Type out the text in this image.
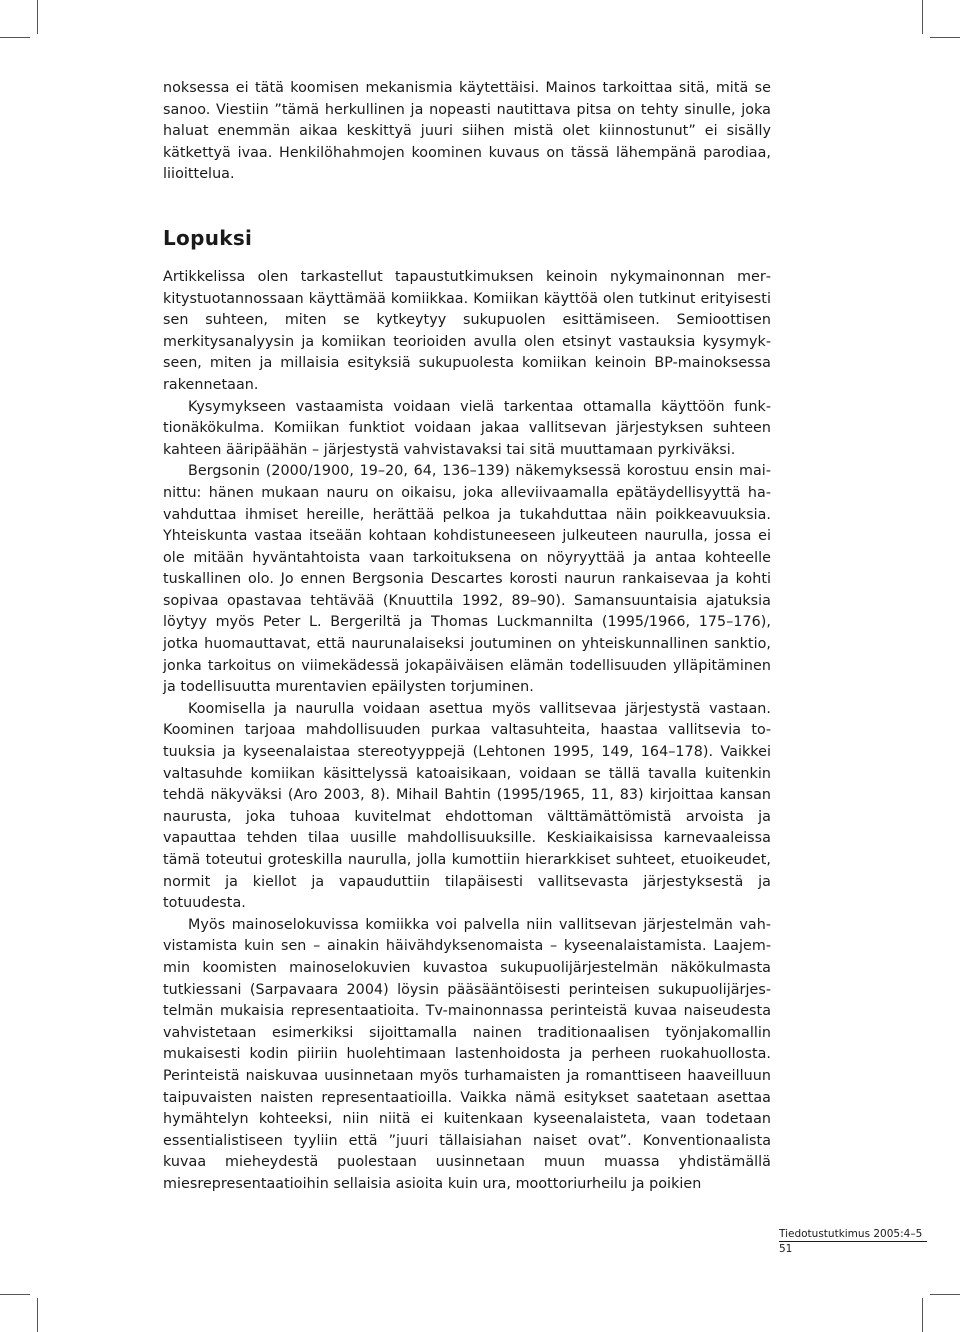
noksessa ei tätä koomisen mekanismia käytettäisi. Mainos tarkoittaa sitä, mitä se sanoo. Viestiin ”tämä herkullinen ja nopeasti nautittava pitsa on tehty sinulle, joka haluat enemmän aikaa keskittyä juuri siihen mistä olet kiinnostunut” ei sisälly kätkettyä ivaa. Henkilöhahmojen koominen kuvaus on tässä lähempänä parodiaa, liioittelua.

Lopuksi

Artikkelissa olen tarkastellut tapaustutkimuksen keinoin nykymainonnan merkitystuotannossaan käyttämää komiikkaa. Komiikan käyttöä olen tutkinut erityisesti sen suhteen, miten se kytkeytyy sukupuolen esittämiseen. Semioottisen merkitysanalyysin ja komiikan teorioiden avulla olen etsinyt vastauksia kysymykseen, miten ja millaisia esityksiä sukupuolesta komiikan keinoin BP-mainoksessa rakennetaan.

Kysymykseen vastaamista voidaan vielä tarkentaa ottamalla käyttöön funktionäkökulma. Komiikan funktiot voidaan jakaa vallitsevan järjestyksen suhteen kahteen ääripäähän – järjestystä vahvistavaksi tai sitä muuttamaan pyrkiväksi.

Bergsonin (2000/1900, 19–20, 64, 136–139) näkemyksessä korostuu ensin mainittu: hänen mukaan nauru on oikaisu, joka alleviivaamalla epätäydellisyyttä havahduttaa ihmiset hereille, herättää pelkoa ja tukahduttaa näin poikkeavuuksia. Yhteiskunta vastaa itseään kohtaan kohdistuneeseen julkeuteen naurulla, jossa ei ole mitään hyväntahtoista vaan tarkoituksena on nöyryyttää ja antaa kohteelle tuskallinen olo. Jo ennen Bergsonia Descartes korosti naurun rankaisevaa ja kohti sopivaa opastavaa tehtävää (Knuuttila 1992, 89–90). Samansuuntaisia ajatuksia löytyy myös Peter L. Bergeriltä ja Thomas Luckmannilta (1995/1966, 175–176), jotka huomauttavat, että naurunalaiseksi joutuminen on yhteiskunnallinen sanktio, jonka tarkoitus on viimekädessä jokapäiväisen elämän todellisuuden ylläpitäminen ja todellisuutta murentavien epäilysten torjuminen.

Koomisella ja naurulla voidaan asettua myös vallitsevaa järjestystä vastaan. Koominen tarjoaa mahdollisuuden purkaa valtasuhteita, haastaa vallitsevia totuuksia ja kyseenalaistaa stereotyyppejä (Lehtonen 1995, 149, 164–178). Vaikkei valtasuhde komiikan käsittelyssä katoaisikaan, voidaan se tällä tavalla kuitenkin tehdä näkyväksi (Aro 2003, 8). Mihail Bahtin (1995/1965, 11, 83) kirjoittaa kansan naurusta, joka tuhoaa kuvitelmat ehdottoman välttämättömistä arvoista ja vapauttaa tehden tilaa uusille mahdollisuuksille. Keskiaikaisissa karnevaaleissa tämä toteutui groteskilla naurulla, jolla kumottiin hierarkkiset suhteet, etuoikeudet, normit ja kiellot ja vapauduttiin tilapäisesti vallitsevasta järjestyksestä ja totuudesta.

Myös mainoselokuvissa komiikka voi palvella niin vallitsevan järjestelmän vahvistamista kuin sen – ainakin häivähdyksenomaista – kyseenalaistamista. Laajemmin koomisten mainoselokuvien kuvastoa sukupuolijärjestelmän näkökulmasta tutkiessani (Sarpavaara 2004) löysin pääsääntöisesti perinteisen sukupuolijärjestelmän mukaisia representaatioita. Tv-mainonnassa perinteistä kuvaa naiseudesta vahvistetaan esimerkiksi sijoittamalla nainen traditionaalisen työnjakomallin mukaisesti kodin piiriin huolehtimaan lastenhoidosta ja perheen ruokahuollosta. Perinteistä naiskuvaa uusinnetaan myös turhamaisten ja romanttiseen haaveilluun taipuvaisten naisten representaatioilla. Vaikka nämä esitykset saatetaan asettaa hymähtelyn kohteeksi, niin niitä ei kuitenkaan kyseenalaisteta, vaan todetaan essentialistiseen tyyliin että ”juuri tällaisiahan naiset ovat”. Konventionaalista kuvaa mieheydestä puolestaan uusinnetaan muun muassa yhdistämällä miesrepresentaatioihin sellaisia asioita kuin ura, moottoriurheilu ja poikien

Tiedotustutkimus 2005:4–5
51
